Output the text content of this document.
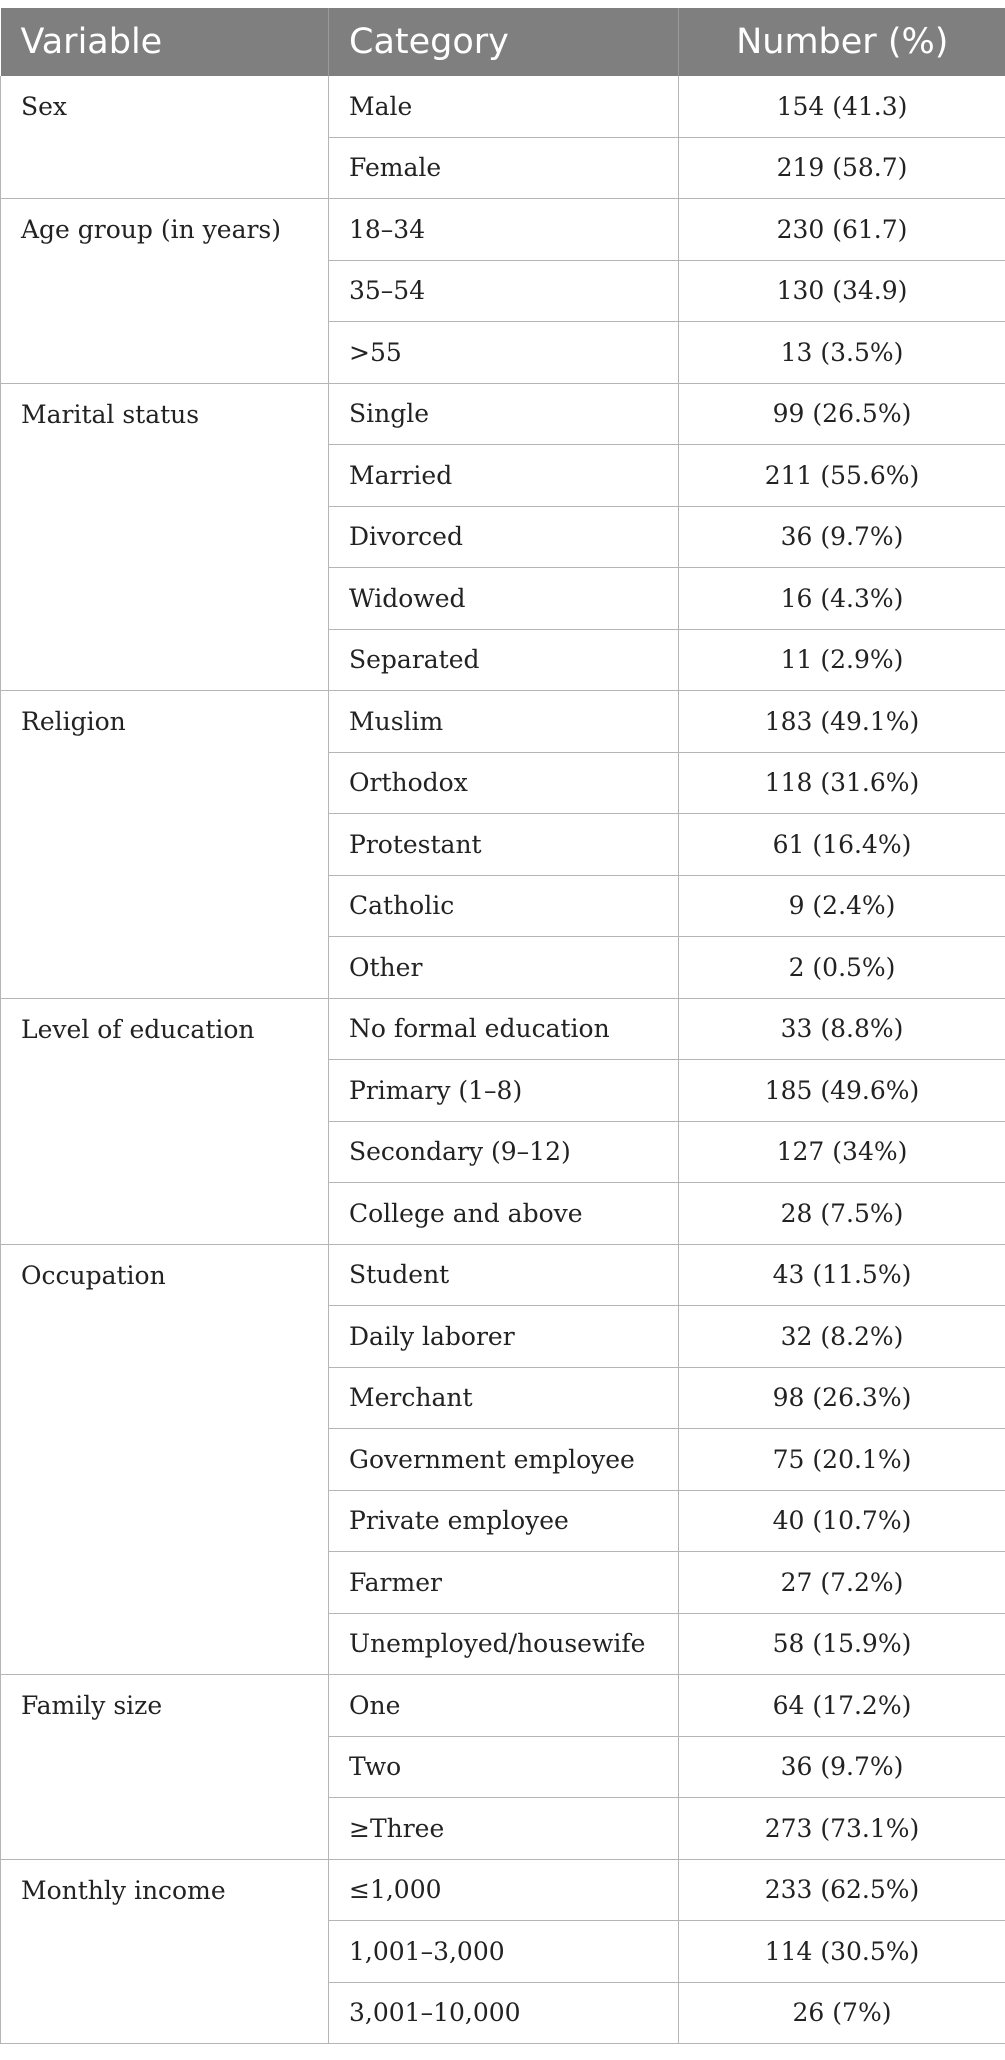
Variable	Category	Number (%)

Sex	Male	154 (41.3)
	Female	219 (58.7)
Age group (in years)	18–34	230 (61.7)
	35–54	130 (34.9)
	>55	13 (3.5%)
Marital status	Single	99 (26.5%)
	Married	211 (55.6%)
	Divorced	36 (9.7%)
	Widowed	16 (4.3%)
	Separated	11 (2.9%)
Religion	Muslim	183 (49.1%)
	Orthodox	118 (31.6%)
	Protestant	61 (16.4%)
	Catholic	9 (2.4%)
	Other	2 (0.5%)
Level of education	No formal education	33 (8.8%)
	Primary (1–8)	185 (49.6%)
	Secondary (9–12)	127 (34%)
	College and above	28 (7.5%)
Occupation	Student	43 (11.5%)
	Daily laborer	32 (8.2%)
	Merchant	98 (26.3%)
	Government employee	75 (20.1%)
	Private employee	40 (10.7%)
	Farmer	27 (7.2%)
	Unemployed/housewife	58 (15.9%)
Family size	One	64 (17.2%)
	Two	36 (9.7%)
	≥Three	273 (73.1%)
Monthly income	≤1,000	233 (62.5%)
	1,001–3,000	114 (30.5%)
	3,001–10,000	26 (7%)
